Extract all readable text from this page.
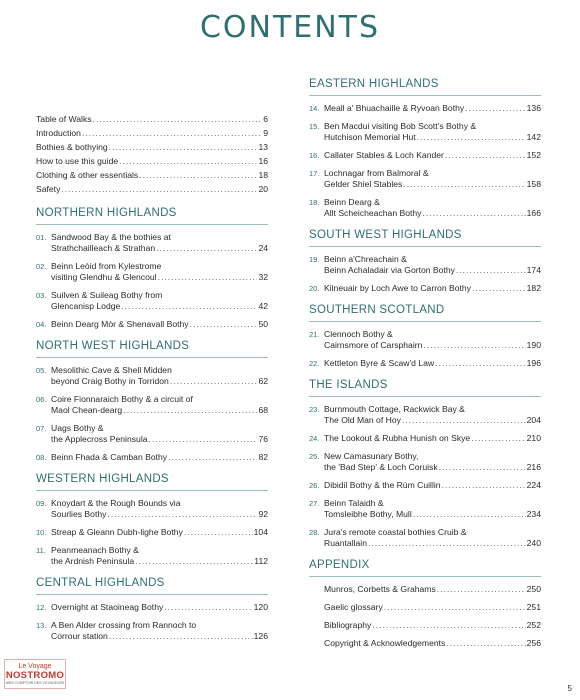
CONTENTS
Table of Walks .....	6
Introduction .....	9
Bothies & bothying .....	13
How to use this guide .....	16
Clothing & other essentials .....	18
Safety .....	20
NORTHERN HIGHLANDS
01. Sandwood Bay & the bothies at
Strathchailleach & Strathan .....	24
02. Beinn Leòid from Kylestrome
visiting Glendhu & Glencoul .....	32
03. Suilven & Suileag Bothy from
Glencanisp Lodge .....	42
04. Beinn Dearg Mòr & Shenavall Bothy .....	50
NORTH WEST HIGHLANDS
05. Mesolithic Cave & Shell Midden
beyond Craig Bothy in Torridon .....	62
06. Coire Fionnaraich Bothy & a circuit of
Maol Chean-dearg .....	68
07. Uags Bothy &
the Applecross Peninsula .....	76
08. Beinn Fhada & Camban Bothy .....	82
WESTERN HIGHLANDS
09. Knoydart & the Rough Bounds via
Sourlies Bothy .....	92
10. Streap & Gleann Dubh-lighe Bothy .....	104
11. Peanmeanach Bothy &
the Ardnish Peninsula .....	112
CENTRAL HIGHLANDS
12. Overnight at Staoineag Bothy .....	120
13. A Ben Alder crossing from Rannoch to
Corrour station .....	126
EASTERN HIGHLANDS
14. Meall a' Bhuachaille & Ryvoan Bothy .....	136
15. Ben Macdui visiting Bob Scott's Bothy &
Hutchison Memorial Hut .....	142
16. Callater Stables & Loch Kander .....	152
17. Lochnagar from Balmoral &
Gelder Shiel Stables .....	158
18. Beinn Dearg &
Allt Scheicheachan Bothy .....	166
SOUTH WEST HIGHLANDS
19. Beinn a'Chreachain &
Beinn Achaladair via Gorton Bothy .....	174
20. Kilneuair by Loch Awe to Carron Bothy .....	182
SOUTHERN SCOTLAND
21. Clennoch Bothy &
Cairnsmore of Carsphairn .....	190
22. Kettleton Byre & Scaw'd Law .....	196
THE ISLANDS
23. Burnmouth Cottage, Rackwick Bay &
The Old Man of Hoy .....	204
24. The Lookout & Rubha Hunish on Skye .....	210
25. New Camasunary Bothy,
the 'Bad Step' & Loch Coruisk .....	216
26. Dibidil Bothy & the Rùm Cuillin .....	224
27. Beinn Talaidh &
Tomsleibhe Bothy, Mull .....	234
28. Jura's remote coastal bothies Cruib &
Ruantallain .....	240
APPENDIX
Munros, Corbetts & Grahams .....	250
Gaelic glossary .....	251
Bibliography .....	252
Copyright & Acknowledgements .....	256
Le Voyage
NOSTROMO
WEB COMPTOIR DES VOYAGEURS
5
